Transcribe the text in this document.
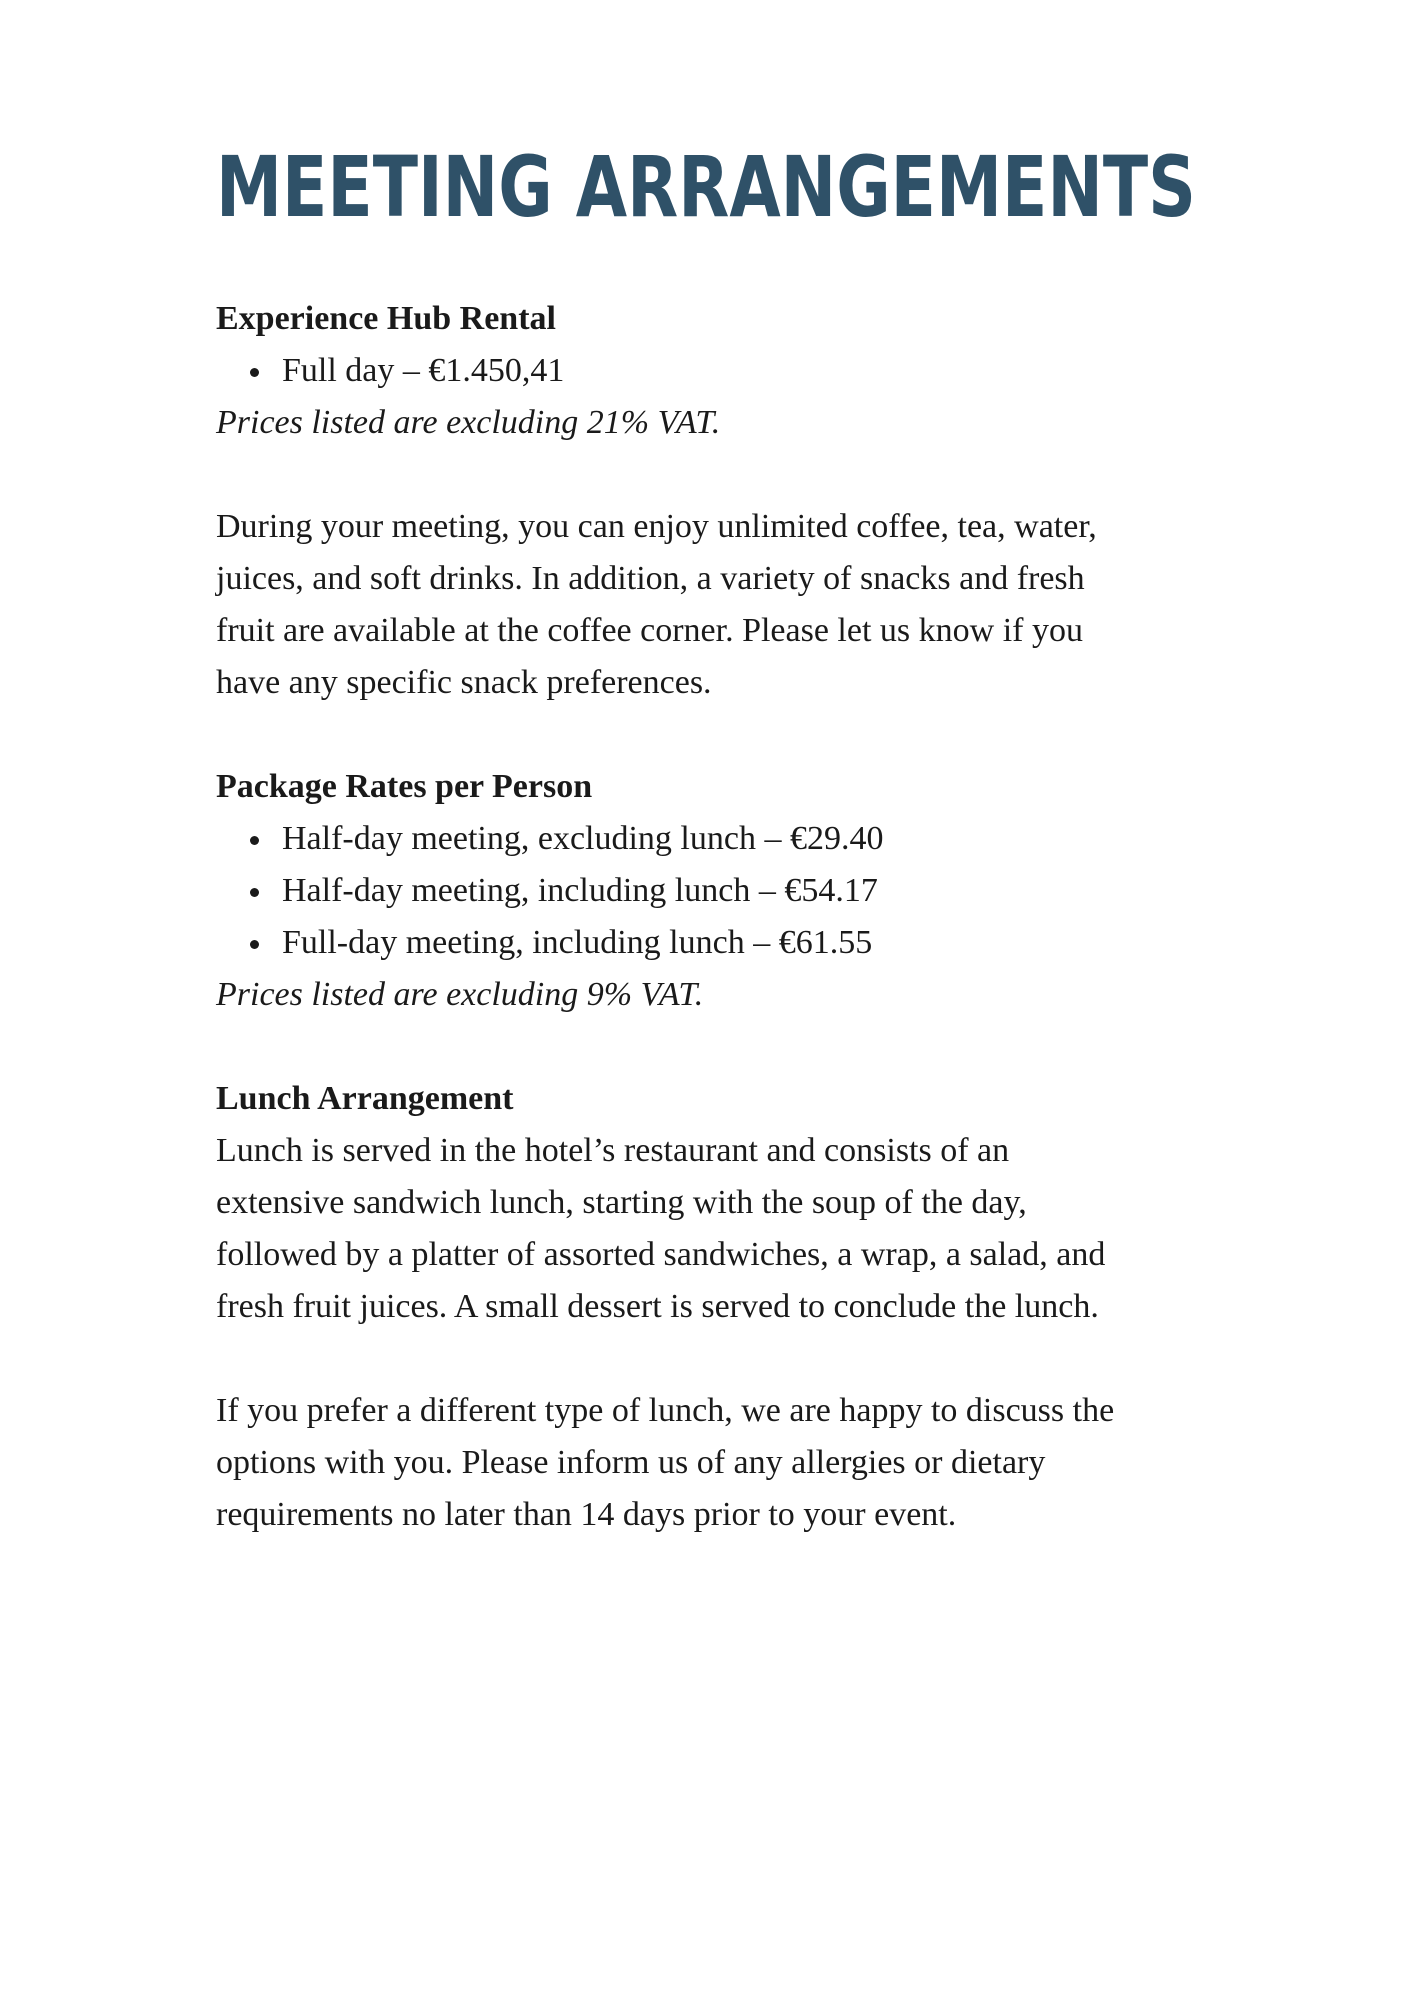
MEETING ARRANGEMENTS
Experience Hub Rental
Full day – €1.450,41

Prices listed are excluding 21% VAT.

During your meeting, you can enjoy unlimited coffee, tea, water, juices, and soft drinks. In addition, a variety of snacks and fresh fruit are available at the coffee corner. Please let us know if you have any specific snack preferences.

Package Rates per Person
Half-day meeting, excluding lunch – €29.40
Half-day meeting, including lunch – €54.17
Full-day meeting, including lunch – €61.55

Prices listed are excluding 9% VAT.

Lunch Arrangement

Lunch is served in the hotel’s restaurant and consists of an extensive sandwich lunch, starting with the soup of the day, followed by a platter of assorted sandwiches, a wrap, a salad, and fresh fruit juices. A small dessert is served to conclude the lunch.

If you prefer a different type of lunch, we are happy to discuss the options with you. Please inform us of any allergies or dietary requirements no later than 14 days prior to your event.
